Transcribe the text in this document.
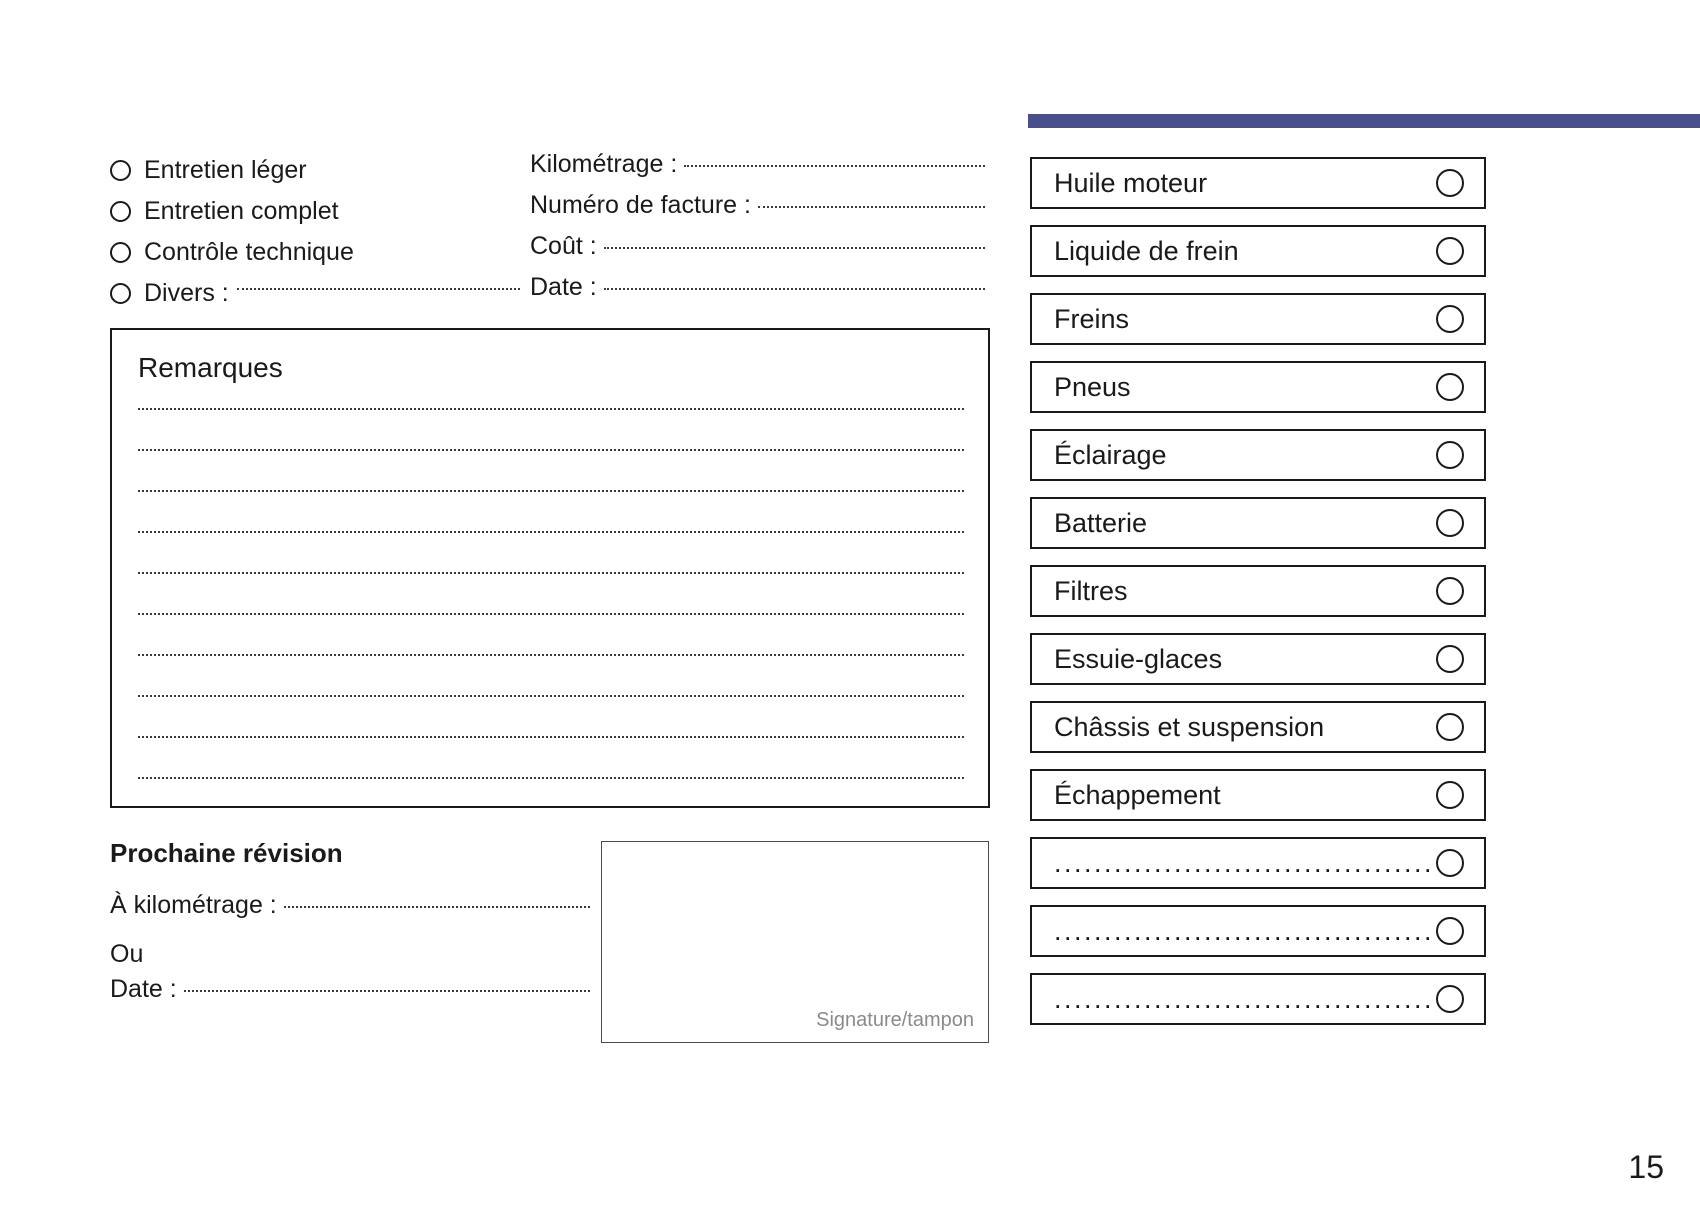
Entretien léger
Entretien complet
Contrôle technique
Divers :
Kilométrage :
Numéro de facture :
Coût :
Date :
Remarques
Prochaine révision
À kilométrage :
Ou
Date :
Signature/tampon
Huile moteur
Liquide de frein
Freins
Pneus
Éclairage
Batterie
Filtres
Essuie-glaces
Châssis et suspension
Échappement
......................................
......................................
......................................
15
